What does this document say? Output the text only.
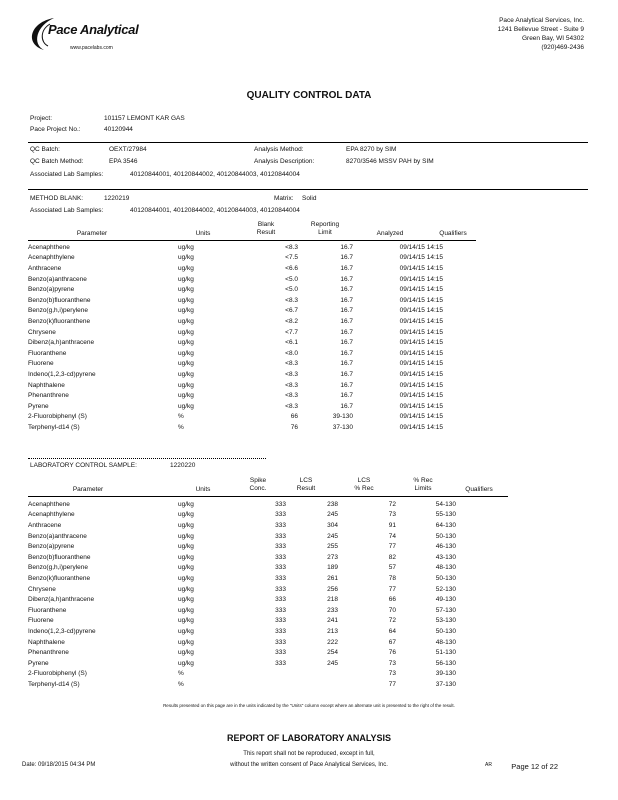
Pace Analytical
www.pacelabs.com
Pace Analytical Services, Inc.
1241 Bellevue Street - Suite 9
Green Bay, WI 54302
(920)469-2436
QUALITY CONTROL DATA
Project:	101157 LEMONT KAR GAS
Pace Project No.:	40120944
QC Batch:	OEXT/27984	Analysis Method:	EPA 8270 by SIM
QC Batch Method:	EPA 3546	Analysis Description:	8270/3546 MSSV PAH by SIM
Associated Lab Samples:	40120844001, 40120844002, 40120844003, 40120844004
METHOD BLANK:	1220219	Matrix: Solid
Associated Lab Samples:	40120844001, 40120844002, 40120844003, 40120844004
Parameter	Units
Blank
Result
Reporting
Limit	Analyzed	Qualifiers
Acenaphthene	ug/kg	<8.3	16.7	09/14/15 14:15
Acenaphthylene	ug/kg	<7.5	16.7	09/14/15 14:15
Anthracene	ug/kg	<6.6	16.7	09/14/15 14:15
Benzo(a)anthracene	ug/kg	<5.0	16.7	09/14/15 14:15
Benzo(a)pyrene	ug/kg	<5.0	16.7	09/14/15 14:15
Benzo(b)fluoranthene	ug/kg	<8.3	16.7	09/14/15 14:15
Benzo(g,h,i)perylene	ug/kg	<6.7	16.7	09/14/15 14:15
Benzo(k)fluoranthene	ug/kg	<8.2	16.7	09/14/15 14:15
Chrysene	ug/kg	<7.7	16.7	09/14/15 14:15
Dibenz(a,h)anthracene	ug/kg	<6.1	16.7	09/14/15 14:15
Fluoranthene	ug/kg	<8.0	16.7	09/14/15 14:15
Fluorene	ug/kg	<8.3	16.7	09/14/15 14:15
Indeno(1,2,3-cd)pyrene	ug/kg	<8.3	16.7	09/14/15 14:15
Naphthalene	ug/kg	<8.3	16.7	09/14/15 14:15
Phenanthrene	ug/kg	<8.3	16.7	09/14/15 14:15
Pyrene	ug/kg	<8.3	16.7	09/14/15 14:15
2-Fluorobiphenyl (S)	%	66	39-130	09/14/15 14:15
Terphenyl-d14 (S)	%	76	37-130	09/14/15 14:15
LABORATORY CONTROL SAMPLE:	1220220
Parameter	Units
Spike
Conc.
LCS
Result
LCS
% Rec
% Rec
Limits	Qualifiers
Acenaphthene	ug/kg	333	238	72	54-130
Acenaphthylene	ug/kg	333	245	73	55-130
Anthracene	ug/kg	333	304	91	64-130
Benzo(a)anthracene	ug/kg	333	245	74	50-130
Benzo(a)pyrene	ug/kg	333	255	77	46-130
Benzo(b)fluoranthene	ug/kg	333	273	82	43-130
Benzo(g,h,i)perylene	ug/kg	333	189	57	48-130
Benzo(k)fluoranthene	ug/kg	333	261	78	50-130
Chrysene	ug/kg	333	256	77	52-130
Dibenz(a,h)anthracene	ug/kg	333	218	66	49-130
Fluoranthene	ug/kg	333	233	70	57-130
Fluorene	ug/kg	333	241	72	53-130
Indeno(1,2,3-cd)pyrene	ug/kg	333	213	64	50-130
Naphthalene	ug/kg	333	222	67	48-130
Phenanthrene	ug/kg	333	254	76	51-130
Pyrene	ug/kg	333	245	73	56-130
2-Fluorobiphenyl (S)	%			73	39-130
Terphenyl-d14 (S)	%			77	37-130
Results presented on this page are in the units indicated by the "Units" column except where an alternate unit is presented to the right of the result.
REPORT OF LABORATORY ANALYSIS
This report shall not be reproduced, except in full,
without the written consent of Pace Analytical Services, Inc.
Date: 09/18/2015 04:34 PM	AR	Page 12 of 22
